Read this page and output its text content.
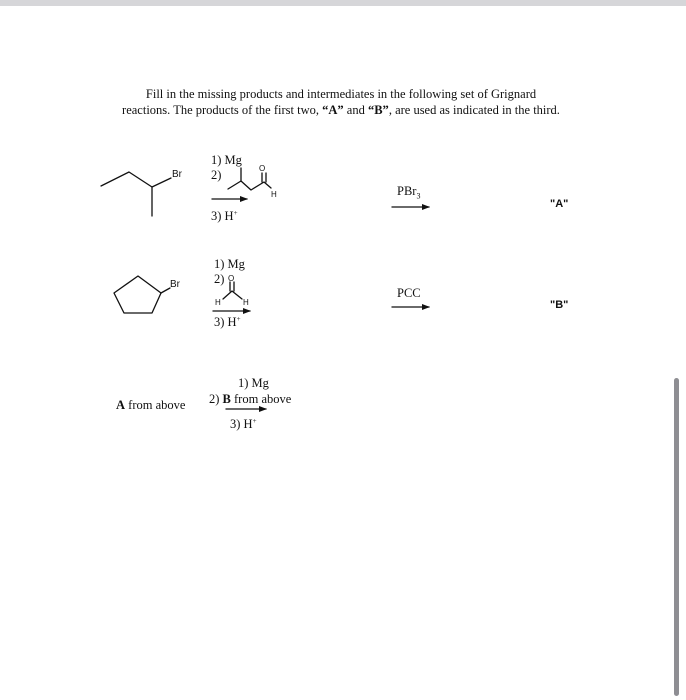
Fill in the missing products and intermediates in the following set of Grignard

reactions. The products of the first two, “A” and “B”, are used as indicated in the third.

Br
1) Mg
2)	O
H
3) H+
PBr$_3$
"A"
Br
1) Mg
2) O
H	H
3) H+
PCC
"B"
A from above
1) Mg
2) B from above
3) H+
